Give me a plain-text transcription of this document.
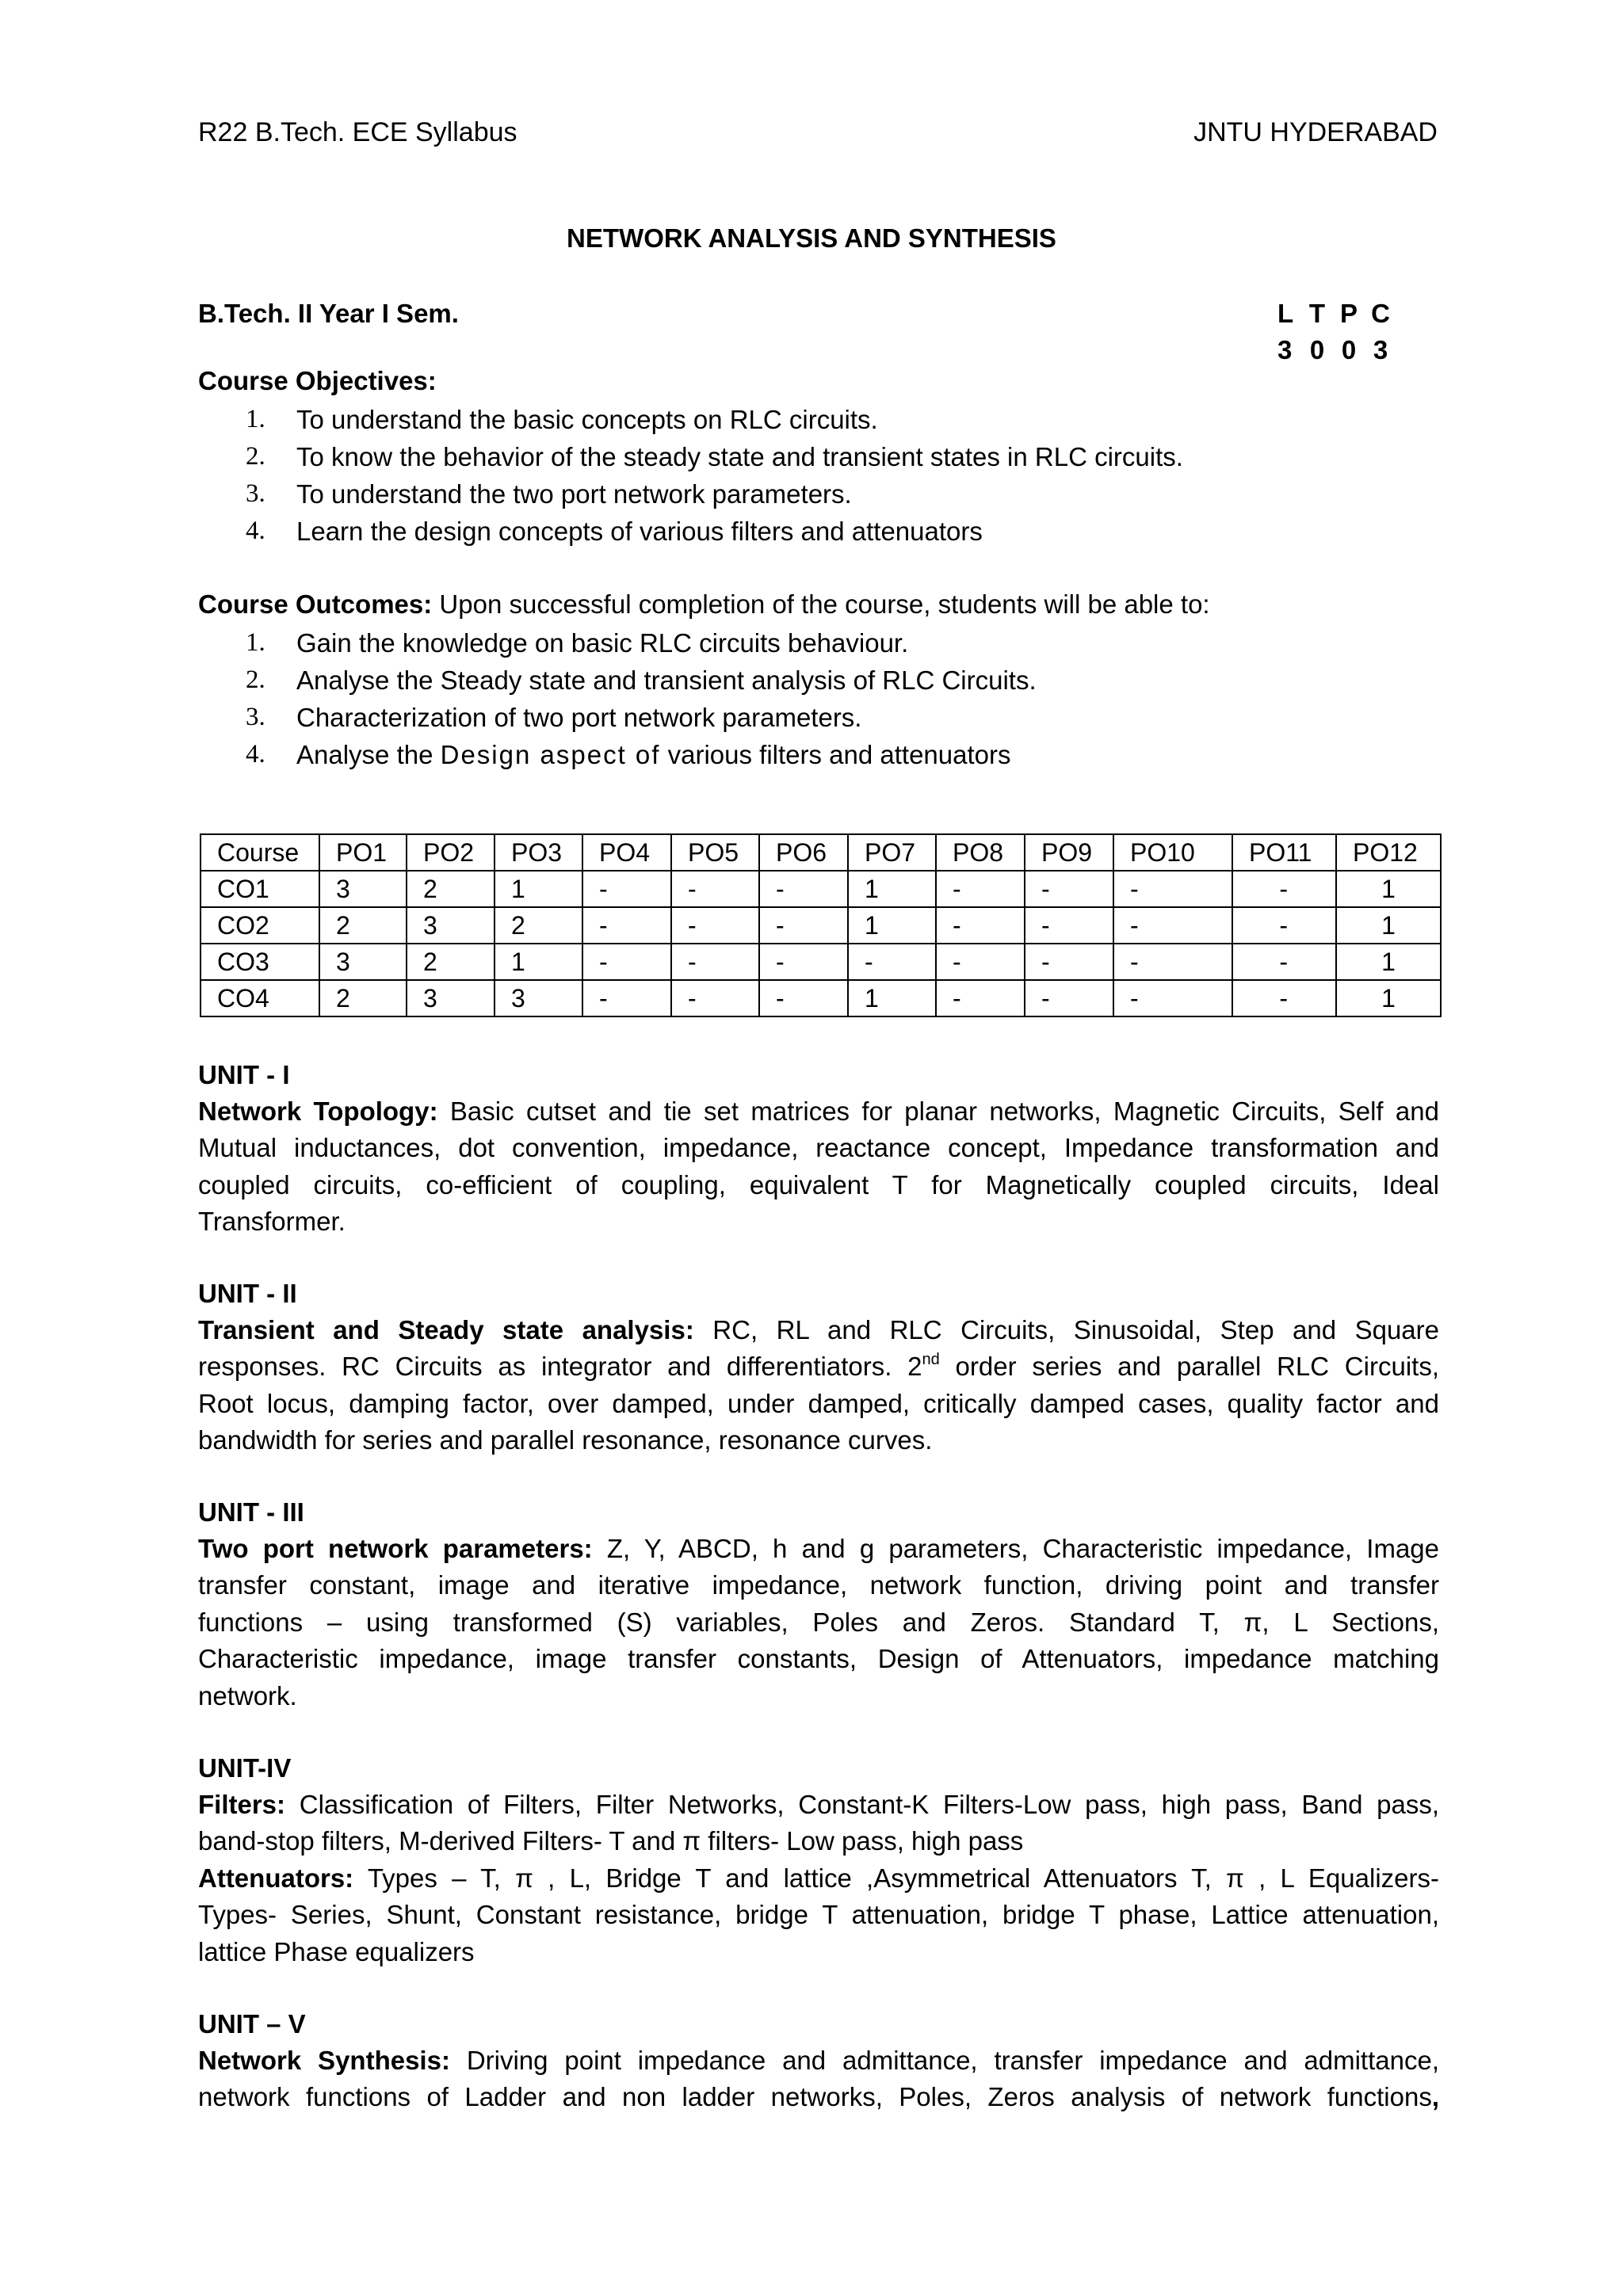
R22 B.Tech. ECE Syllabus	JNTU HYDERABAD
NETWORK ANALYSIS AND SYNTHESIS
B.Tech. II Year I Sem.	L T P C
3 0 0 3
Course Objectives:
1. To understand the basic concepts on RLC circuits.
2. To know the behavior of the steady state and transient states in RLC circuits.
3. To understand the two port network parameters.
4. Learn the design concepts of various filters and attenuators
Course Outcomes: Upon successful completion of the course, students will be able to:
1. Gain the knowledge on basic RLC circuits behaviour.
2. Analyse the Steady state and transient analysis of RLC Circuits.
3. Characterization of two port network parameters.
4. Analyse the Design aspect of various filters and attenuators
Course	PO1	PO2	PO3	PO4	PO5	PO6	PO7	PO8	PO9	PO10	PO11	PO12
CO1	3	2	1	-	-	-	1	-	-	-	-	1
CO2	2	3	2	-	-	-	1	-	-	-	-	1
CO3	3	2	1	-	-	-	-	-	-	-	-	1
CO4	2	3	3	-	-	-	1	-	-	-	-	1
UNIT - I
Network Topology: Basic cutset and tie set matrices for planar networks, Magnetic Circuits, Self and
Mutual inductances, dot convention, impedance, reactance concept, Impedance transformation and
coupled circuits, co-efficient of coupling, equivalent T for Magnetically coupled circuits, Ideal
Transformer.
UNIT - II
Transient and Steady state analysis: RC, RL and RLC Circuits, Sinusoidal, Step and Square
responses. RC Circuits as integrator and differentiators. 2nd order series and parallel RLC Circuits,
Root locus, damping factor, over damped, under damped, critically damped cases, quality factor and
bandwidth for series and parallel resonance, resonance curves.
UNIT - III
Two port network parameters: Z, Y, ABCD, h and g parameters, Characteristic impedance, Image
transfer constant, image and iterative impedance, network function, driving point and transfer
functions – using transformed (S) variables, Poles and Zeros. Standard T, π, L Sections,
Characteristic impedance, image transfer constants, Design of Attenuators, impedance matching
network.
UNIT-IV
Filters: Classification of Filters, Filter Networks, Constant-K Filters-Low pass, high pass, Band pass,
band-stop filters, M-derived Filters- T and π filters- Low pass, high pass
Attenuators: Types – T, π , L, Bridge T and lattice ,Asymmetrical Attenuators T, π , L Equalizers-
Types- Series, Shunt, Constant resistance, bridge T attenuation, bridge T phase, Lattice attenuation,
lattice Phase equalizers
UNIT – V
Network Synthesis: Driving point impedance and admittance, transfer impedance and admittance,
network functions of Ladder and non ladder networks, Poles, Zeros analysis of network functions,
